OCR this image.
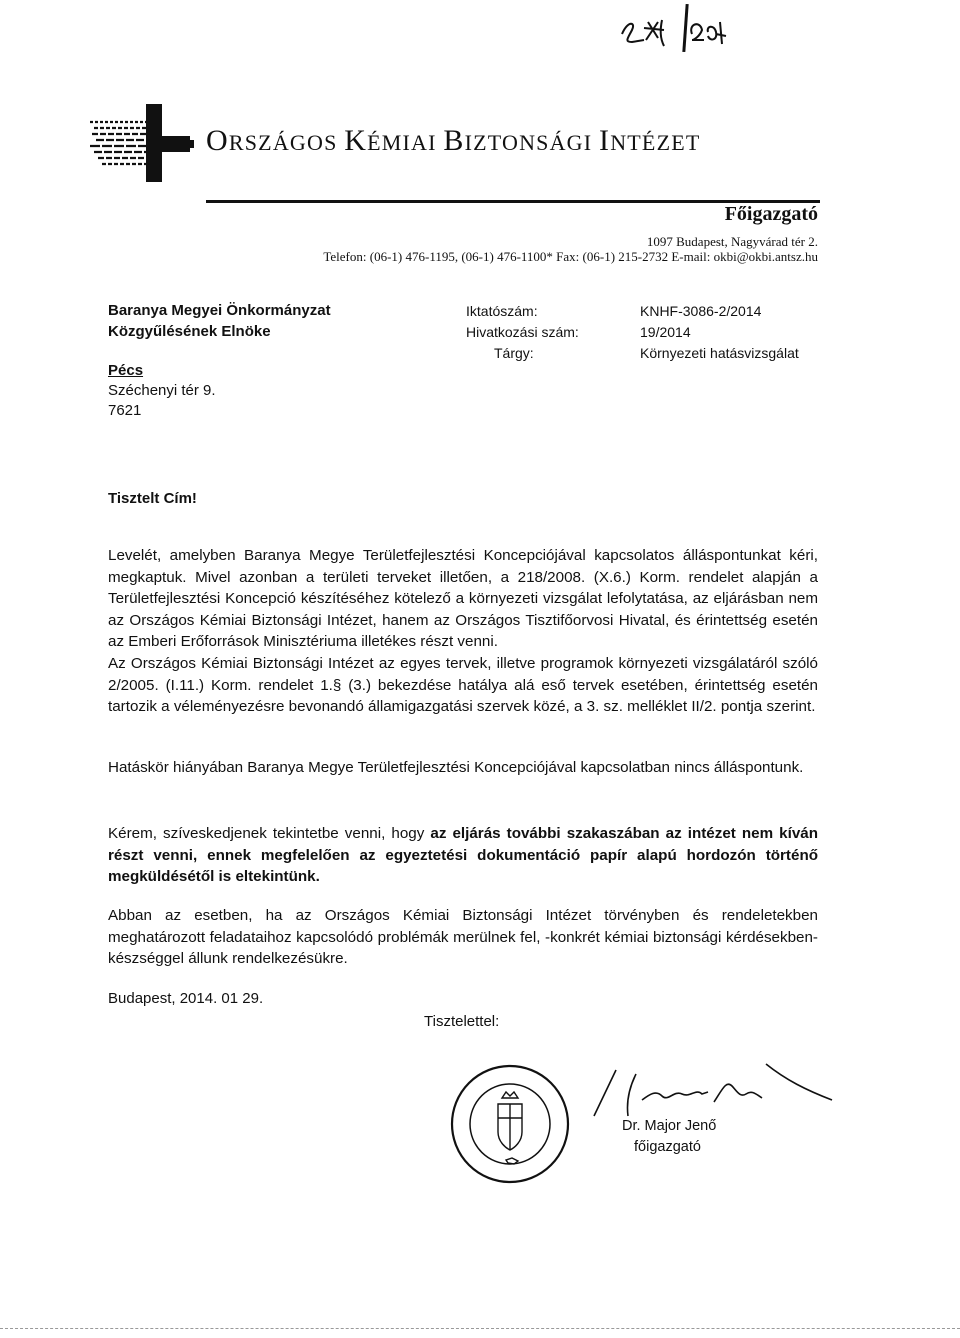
ORSZÁGOS KÉMIAI BIZTONSÁGI INTÉZET
Főigazgató
1097 Budapest, Nagyvárad tér 2.
Telefon: (06-1) 476-1195, (06-1) 476-1100* Fax: (06-1) 215-2732 E-mail: okbi@okbi.antsz.hu
Baranya Megyei Önkormányzat
Közgyűlésének Elnöke
Pécs
Széchenyi tér 9.
7621
Iktatószám:	KNHF-3086-2/2014
Hivatkozási szám:	19/2014
Tárgy:	Környezeti hatásvizsgálat
Tisztelt Cím!
Levelét, amelyben Baranya Megye Területfejlesztési Koncepciójával kapcsolatos álláspontunkat kéri, megkaptuk. Mivel azonban a területi terveket illetően, a 218/2008. (X.6.) Korm. rendelet alapján a Területfejlesztési Koncepció készítéséhez kötelező a környezeti vizsgálat lefolytatása, az eljárásban nem az Országos Kémiai Biztonsági Intézet, hanem az Országos Tisztifőorvosi Hivatal, és érintettség esetén az Emberi Erőforrások Minisztériuma illetékes részt venni.
Az Országos Kémiai Biztonsági Intézet az egyes tervek, illetve programok környezeti vizsgálatáról szóló 2/2005. (I.11.) Korm. rendelet 1.§ (3.) bekezdése hatálya alá eső tervek esetében, érintettség esetén tartozik a véleményezésre bevonandó államigazgatási szervek közé, a 3. sz. melléklet II/2. pontja szerint.
Hatáskör hiányában Baranya Megye Területfejlesztési Koncepciójával kapcsolatban nincs álláspontunk.
Kérem, szíveskedjenek tekintetbe venni, hogy az eljárás további szakaszában az intézet nem kíván részt venni, ennek megfelelően az egyeztetési dokumentáció papír alapú hordozón történő megküldésétől is eltekintünk.
Abban az esetben, ha az Országos Kémiai Biztonsági Intézet törvényben és rendeletekben meghatározott feladataihoz kapcsolódó problémák merülnek fel, -konkrét kémiai biztonsági kérdésekben- készséggel állunk rendelkezésükre.
Budapest, 2014. 01 29.
Tisztelettel:
Dr. Major Jenő
főigazgató
